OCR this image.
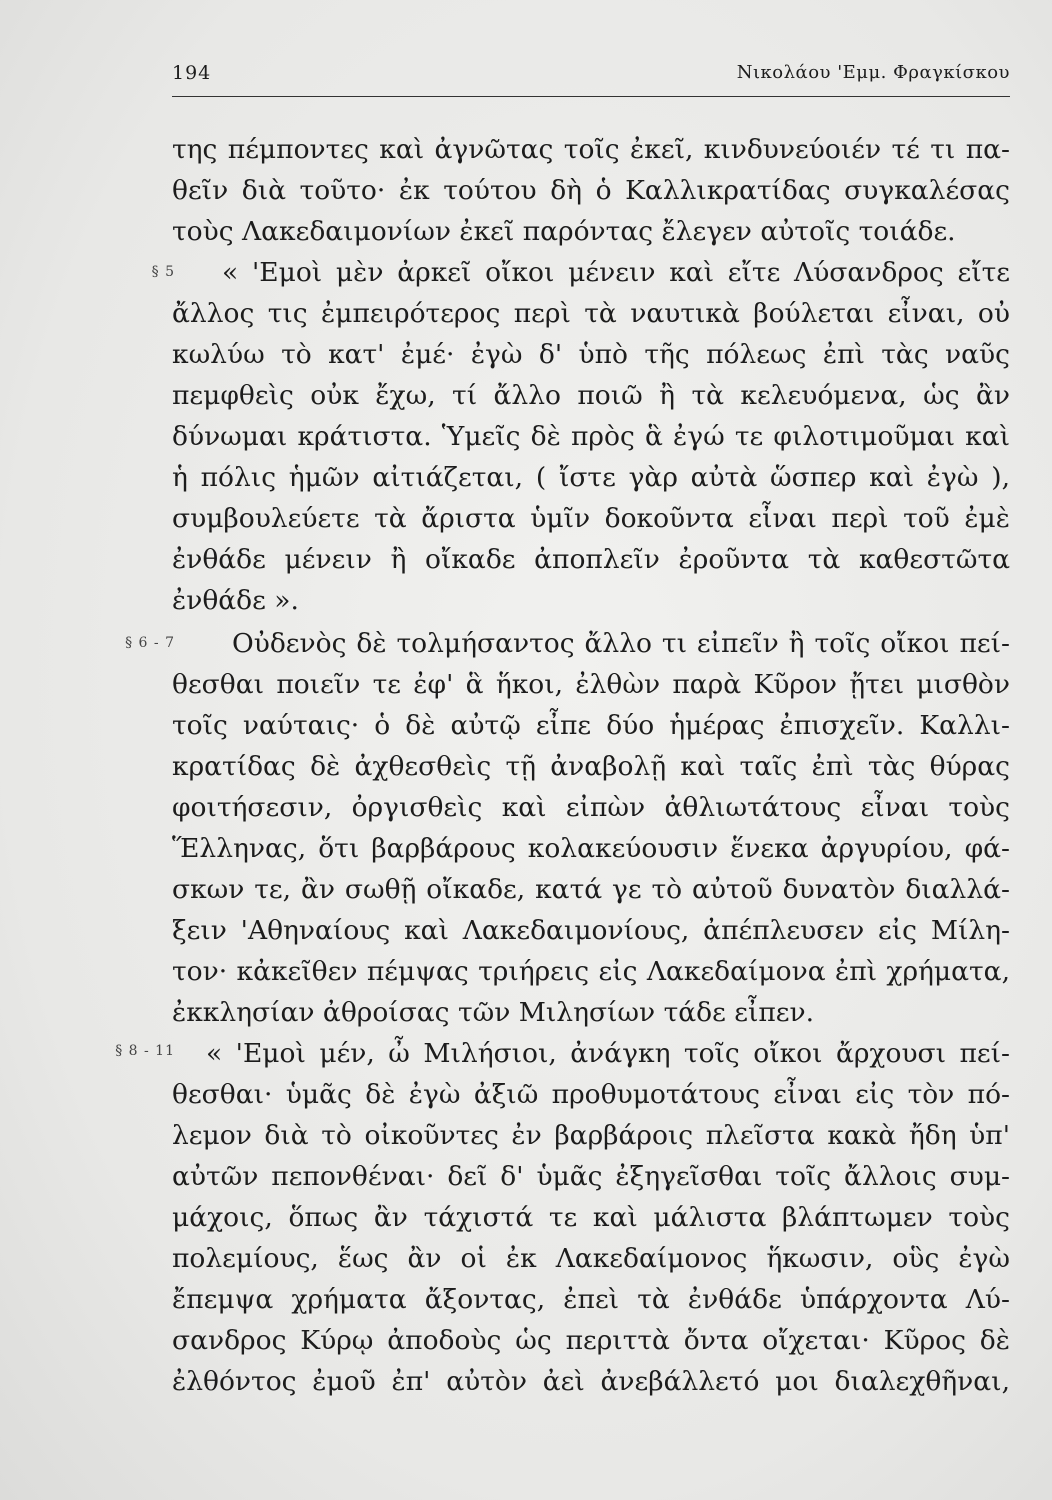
194	Νικολάου 'Εμμ. Φραγκίσκου
§ 5
§ 6 - 7
§ 8 - 11
της πέμποντες καὶ ἀγνῶτας τοῖς ἐκεῖ, κινδυνεύοιέν τέ τι πα-
θεῖν διὰ τοῦτο· ἐκ τούτου δὴ ὁ Καλλικρατίδας συγκαλέσας
τοὺς Λακεδαιμονίων ἐκεῖ παρόντας ἔλεγεν αὐτοῖς τοιάδε.
« 'Εμοὶ μὲν ἀρκεῖ οἴκοι μένειν καὶ εἴτε Λύσανδρος εἴτε
ἄλλος τις ἐμπειρότερος περὶ τὰ ναυτικὰ βούλεται εἶναι, οὐ
κωλύω τὸ κατ' ἐμέ· ἐγὼ δ' ὑπὸ τῆς πόλεως ἐπὶ τὰς ναῦς
πεμφθεὶς οὐκ ἔχω, τί ἄλλο ποιῶ ἢ τὰ κελευόμενα, ὡς ἂν
δύνωμαι κράτιστα. Ὑμεῖς δὲ πρὸς ἃ ἐγώ τε φιλοτιμοῦμαι καὶ
ἡ πόλις ἡμῶν αἰτιάζεται, ( ἴστε γὰρ αὐτὰ ὥσπερ καὶ ἐγὼ ),
συμβουλεύετε τὰ ἄριστα ὑμῖν δοκοῦντα εἶναι περὶ τοῦ ἐμὲ
ἐνθάδε μένειν ἢ οἴκαδε ἀποπλεῖν ἐροῦντα τὰ καθεστῶτα
ἐνθάδε ».
Οὐδενὸς δὲ τολμήσαντος ἄλλο τι εἰπεῖν ἢ τοῖς οἴκοι πεί-
θεσθαι ποιεῖν τε ἐφ' ἃ ἥκοι, ἐλθὼν παρὰ Κῦρον ᾔτει μισθὸν
τοῖς ναύταις· ὁ δὲ αὐτῷ εἶπε δύο ἡμέρας ἐπισχεῖν. Καλλι-
κρατίδας δὲ ἀχθεσθεὶς τῇ ἀναβολῇ καὶ ταῖς ἐπὶ τὰς θύρας
φοιτήσεσιν, ὀργισθεὶς καὶ εἰπὼν ἀθλιωτάτους εἶναι τοὺς
Ἕλληνας, ὅτι βαρβάρους κολακεύουσιν ἕνεκα ἀργυρίου, φά-
σκων τε, ἂν σωθῇ οἴκαδε, κατά γε τὸ αὐτοῦ δυνατὸν διαλλά-
ξειν 'Αθηναίους καὶ Λακεδαιμονίους, ἀπέπλευσεν εἰς Μίλη-
τον· κἀκεῖθεν πέμψας τριήρεις εἰς Λακεδαίμονα ἐπὶ χρήματα,
ἐκκλησίαν ἀθροίσας τῶν Μιλησίων τάδε εἶπεν.
« 'Εμοὶ μέν, ὦ Μιλήσιοι, ἀνάγκη τοῖς οἴκοι ἄρχουσι πεί-
θεσθαι· ὑμᾶς δὲ ἐγὼ ἀξιῶ προθυμοτάτους εἶναι εἰς τὸν πό-
λεμον διὰ τὸ οἰκοῦντες ἐν βαρβάροις πλεῖστα κακὰ ἤδη ὑπ'
αὐτῶν πεπονθέναι· δεῖ δ' ὑμᾶς ἐξηγεῖσθαι τοῖς ἄλλοις συμ-
μάχοις, ὅπως ἂν τάχιστά τε καὶ μάλιστα βλάπτωμεν τοὺς
πολεμίους, ἕως ἂν οἱ ἐκ Λακεδαίμονος ἥκωσιν, οὓς ἐγὼ
ἔπεμψα χρήματα ἄξοντας, ἐπεὶ τὰ ἐνθάδε ὑπάρχοντα Λύ-
σανδρος Κύρῳ ἀποδοὺς ὡς περιττὰ ὄντα οἴχεται· Κῦρος δὲ
ἐλθόντος ἐμοῦ ἐπ' αὐτὸν ἀεὶ ἀνεβάλλετό μοι διαλεχθῆναι,
